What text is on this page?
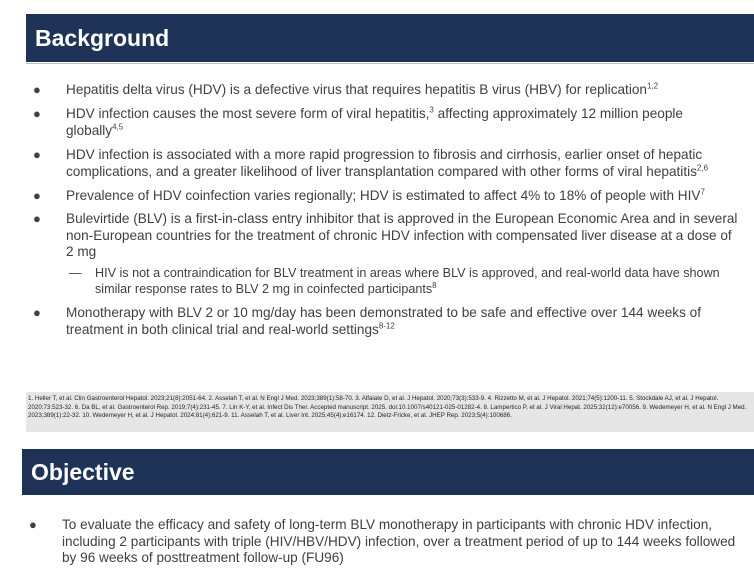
Background
● Hepatitis delta virus (HDV) is a defective virus that requires hepatitis B virus (HBV) for replication$^{1,2}$
● HDV infection causes the most severe form of viral hepatitis,$^3$ affecting approximately 12 million people globally$^{4,5}$
● HDV infection is associated with a more rapid progression to fibrosis and cirrhosis, earlier onset of hepatic complications, and a greater likelihood of liver transplantation compared with other forms of viral hepatitis$^{2,6}$
● Prevalence of HDV coinfection varies regionally; HDV is estimated to affect 4% to 18% of people with HIV$^7$
● Bulevirtide (BLV) is a first-in-class entry inhibitor that is approved in the European Economic Area and in several non-European countries for the treatment of chronic HDV infection with compensated liver disease at a dose of 2 mg
— HIV is not a contraindication for BLV treatment in areas where BLV is approved, and real-world data have shown similar response rates to BLV 2 mg in coinfected participants$^8$
● Monotherapy with BLV 2 or 10 mg/day has been demonstrated to be safe and effective over 144 weeks of treatment in both clinical trial and real-world settings$^{8-12}$
1. Heller T, et al. Clin Gastroenterol Hepatol. 2023;21(8):2051-64. 2. Asselah T, et al. N Engl J Med. 2023;389(1):58-70. 3. Alfaiate D, et al. J Hepatol. 2020;73(3):533-9. 4. Rizzetto M, et al. J Hepatol. 2021;74(5):1200-11. 5. Stockdale AJ, et al. J Hepatol. 2020;73:523-32. 6. Da BL, et al. Gastroenterol Rep. 2019;7(4):231-45. 7. Lin K-Y, et al. Infect Dis Ther. Accepted manuscript. 2025. doi:10.1007/s40121-025-01282-4. 8. Lampertico P, et al. J Viral Hepat. 2025;32(12):e70056. 9. Wedemeyer H, et al. N Engl J Med. 2023;389(1):22-32. 10. Wedemeyer H, et al. J Hepatol. 2024;81(4):621-9. 11. Asselah T, et al. Liver Int. 2025;45(4):e16174. 12. Dietz-Fricke, et al. JHEP Rep. 2023;5(4):100686.
Objective
● To evaluate the efficacy and safety of long-term BLV monotherapy in participants with chronic HDV infection, including 2 participants with triple (HIV/HBV/HDV) infection, over a treatment period of up to 144 weeks followed by 96 weeks of posttreatment follow-up (FU96)
